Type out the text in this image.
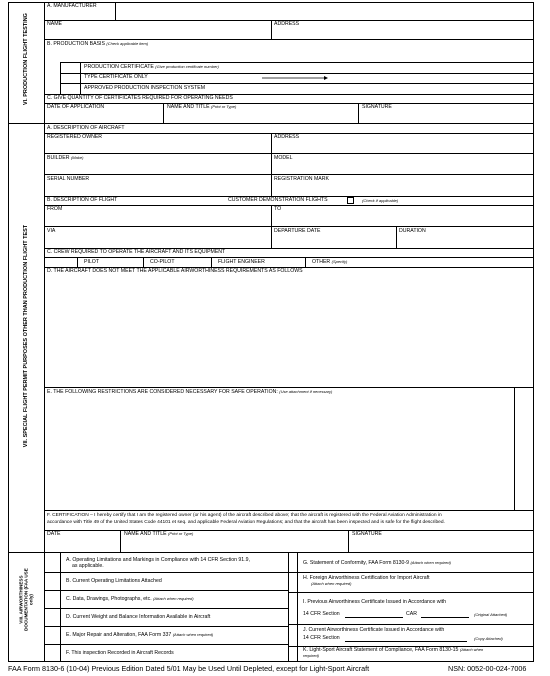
VI. PRODUCTION FLIGHT TESTING
VII. SPECIAL FLIGHT PERMIT PURPOSES OTHER THAN PRODUCTION FLIGHT TEST
VIII. AIRWORTHINESS DOCUMENTATION (FAA USE only)
A. MANUFACTURER
NAME	ADDRESS
B. PRODUCTION BASIS (Check applicable item)
PRODUCTION CERTIFICATE (Give production certificate number)
TYPE CERTIFICATE ONLY
APPROVED PRODUCTION INSPECTION SYSTEM
C. GIVE QUANTITY OF CERTIFICATES REQUIRED FOR OPERATING NEEDS
DATE OF APPLICATION	NAME AND TITLE (Print or Type)	SIGNATURE
A. DESCRIPTION OF AIRCRAFT
REGISTERED OWNER	ADDRESS
BUILDER (Make)	MODEL
SERIAL NUMBER	REGISTRATION MARK
B. DESCRIPTION OF FLIGHT	CUSTOMER DEMONSTRATION FLIGHTS	(Check if applicable)
FROM	TO
VIA	DEPARTURE DATE	DURATION
C. CREW REQUIRED TO OPERATE THE AIRCRAFT AND ITS EQUIPMENT
PILOT	CO-PILOT	FLIGHT ENGINEER	OTHER (Specify)
D. THE AIRCRAFT DOES NOT MEET THE APPLICABLE AIRWORTHINESS REQUIREMENTS AS FOLLOWS
E. THE FOLLOWING RESTRICTIONS ARE CONSIDERED NECESSARY FOR SAFE OPERATION: (Use attachment if necessary)
F. CERTIFICATION – I hereby certify that I am the registered owner (or his agent) of the aircraft described above; that the aircraft is registered with the Federal Aviation Administration in
accordance with Title 49 of the United States Code 44101 et seq. and applicable Federal Aviation Regulations; and that the aircraft has been inspected and is safe for the flight described.
DATE	NAME AND TITLE (Print or Type)	SIGNATURE
A. Operating Limitations and Markings in Compliance with 14 CFR Section 91.9,
as applicable.
B. Current Operating Limitations Attached
C. Data, Drawings, Photographs, etc. (Attach when required)
D. Current Weight and Balance Information Available in Aircraft
E. Major Repair and Alteration, FAA Form 337 (Attach when required)
F. This inspection Recorded in Aircraft Records
G. Statement of Conformity, FAA Form 8130-9 (Attach when required)
H. Foreign Airworthiness Certification for Import Aircraft
(Attach when required)
I. Previous Airworthiness Certificate Issued in Accordance with
14 CFR Section	CAR	(Original Attached)
J. Current Airworthiness Certificate Issued in Accordance with
14 CFR Section	(Copy Attached)
K. Light-Sport Aircraft Statement of Compliance, FAA Form 8130-15 (Attach when
required)
FAA Form 8130-6 (10-04) Previous Edition Dated 5/01 May be Used Until Depleted, except for Light-Sport Aircraft	NSN: 0052-00-024-7006
